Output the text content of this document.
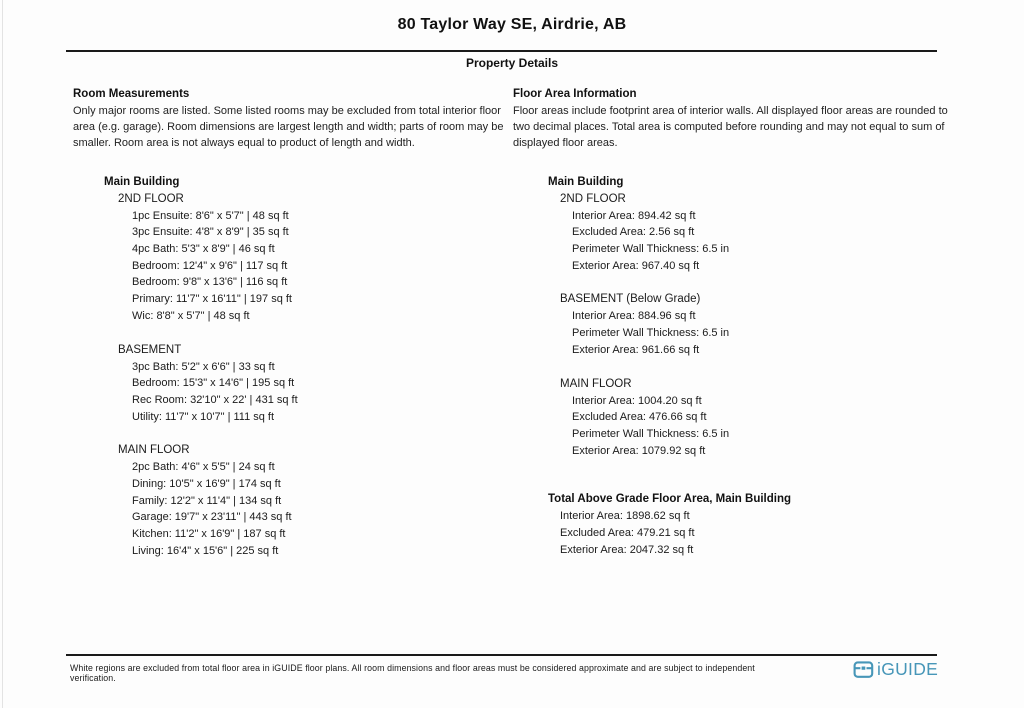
80 Taylor Way SE, Airdrie, AB
Property Details
Room Measurements

Only major rooms are listed. Some listed rooms may be excluded from total interior floor area (e.g. garage). Room dimensions are largest length and width; parts of room may be smaller. Room area is not always equal to product of length and width.

Main Building
2ND FLOOR
1pc Ensuite: 8'6" x 5'7" | 48 sq ft
3pc Ensuite: 4'8" x 8'9" | 35 sq ft
4pc Bath: 5'3" x 8'9" | 46 sq ft
Bedroom: 12'4" x 9'6" | 117 sq ft
Bedroom: 9'8" x 13'6" | 116 sq ft
Primary: 11'7" x 16'11" | 197 sq ft
Wic: 8'8" x 5'7" | 48 sq ft
BASEMENT
3pc Bath: 5'2" x 6'6" | 33 sq ft
Bedroom: 15'3" x 14'6" | 195 sq ft
Rec Room: 32'10" x 22' | 431 sq ft
Utility: 11'7" x 10'7" | 111 sq ft
MAIN FLOOR
2pc Bath: 4'6" x 5'5" | 24 sq ft
Dining: 10'5" x 16'9" | 174 sq ft
Family: 12'2" x 11'4" | 134 sq ft
Garage: 19'7" x 23'11" | 443 sq ft
Kitchen: 11'2" x 16'9" | 187 sq ft
Living: 16'4" x 15'6" | 225 sq ft
Floor Area Information

Floor areas include footprint area of interior walls. All displayed floor areas are rounded to two decimal places. Total area is computed before rounding and may not equal to sum of displayed floor areas.

Main Building
2ND FLOOR
Interior Area: 894.42 sq ft
Excluded Area: 2.56 sq ft
Perimeter Wall Thickness: 6.5 in
Exterior Area: 967.40 sq ft
BASEMENT (Below Grade)
Interior Area: 884.96 sq ft
Perimeter Wall Thickness: 6.5 in
Exterior Area: 961.66 sq ft
MAIN FLOOR
Interior Area: 1004.20 sq ft
Excluded Area: 476.66 sq ft
Perimeter Wall Thickness: 6.5 in
Exterior Area: 1079.92 sq ft
Total Above Grade Floor Area, Main Building
Interior Area: 1898.62 sq ft
Excluded Area: 479.21 sq ft
Exterior Area: 2047.32 sq ft
White regions are excluded from total floor area in iGUIDE floor plans. All room dimensions and floor areas must be considered approximate and are subject to independent verification.	iGUIDE
